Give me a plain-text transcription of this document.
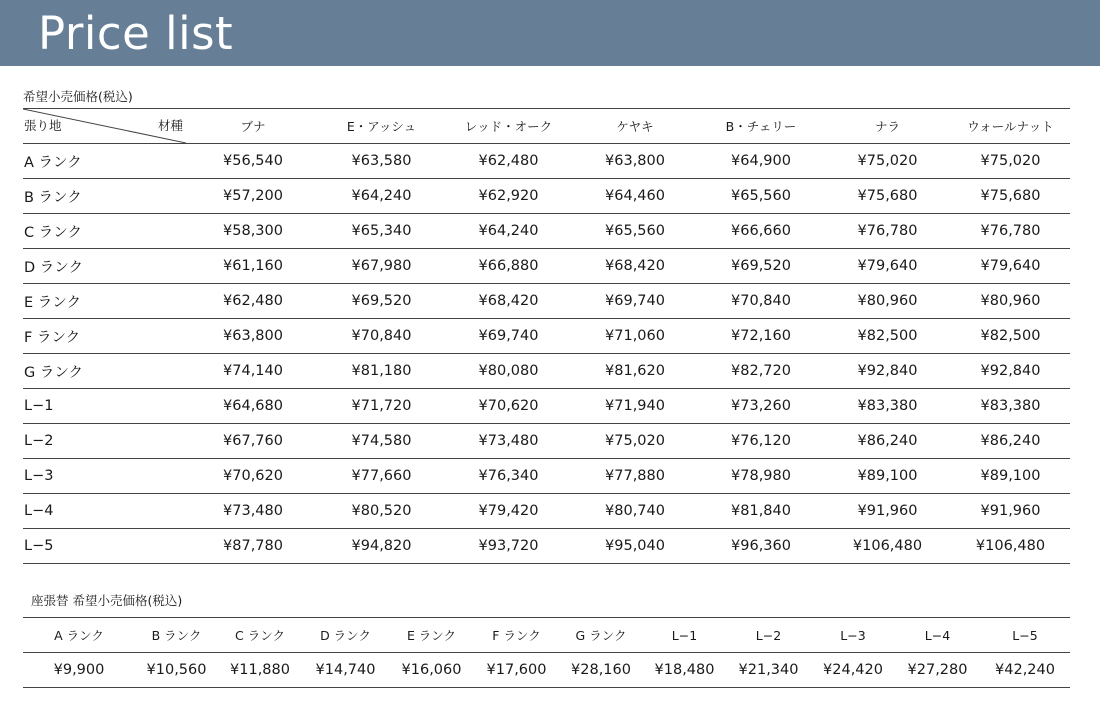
Price list
希望小売価格(税込)
張り地 材種	ブナ	E・アッシュ	レッド・オーク	ケヤキ	B・チェリー	ナラ	ウォールナット
A ランク	¥56,540	¥63,580	¥62,480	¥63,800	¥64,900	¥75,020	¥75,020
B ランク	¥57,200	¥64,240	¥62,920	¥64,460	¥65,560	¥75,680	¥75,680
C ランク	¥58,300	¥65,340	¥64,240	¥65,560	¥66,660	¥76,780	¥76,780
D ランク	¥61,160	¥67,980	¥66,880	¥68,420	¥69,520	¥79,640	¥79,640
E ランク	¥62,480	¥69,520	¥68,420	¥69,740	¥70,840	¥80,960	¥80,960
F ランク	¥63,800	¥70,840	¥69,740	¥71,060	¥72,160	¥82,500	¥82,500
G ランク	¥74,140	¥81,180	¥80,080	¥81,620	¥82,720	¥92,840	¥92,840
L−1	¥64,680	¥71,720	¥70,620	¥71,940	¥73,260	¥83,380	¥83,380
L−2	¥67,760	¥74,580	¥73,480	¥75,020	¥76,120	¥86,240	¥86,240
L−3	¥70,620	¥77,660	¥76,340	¥77,880	¥78,980	¥89,100	¥89,100
L−4	¥73,480	¥80,520	¥79,420	¥80,740	¥81,840	¥91,960	¥91,960
L−5	¥87,780	¥94,820	¥93,720	¥95,040	¥96,360	¥106,480	¥106,480
座張替 希望小売価格(税込)
A ランク	B ランク	C ランク	D ランク	E ランク	F ランク	G ランク	L−1	L−2	L−3	L−4	L−5
¥9,900	¥10,560	¥11,880	¥14,740	¥16,060	¥17,600	¥28,160	¥18,480	¥21,340	¥24,420	¥27,280	¥42,240
